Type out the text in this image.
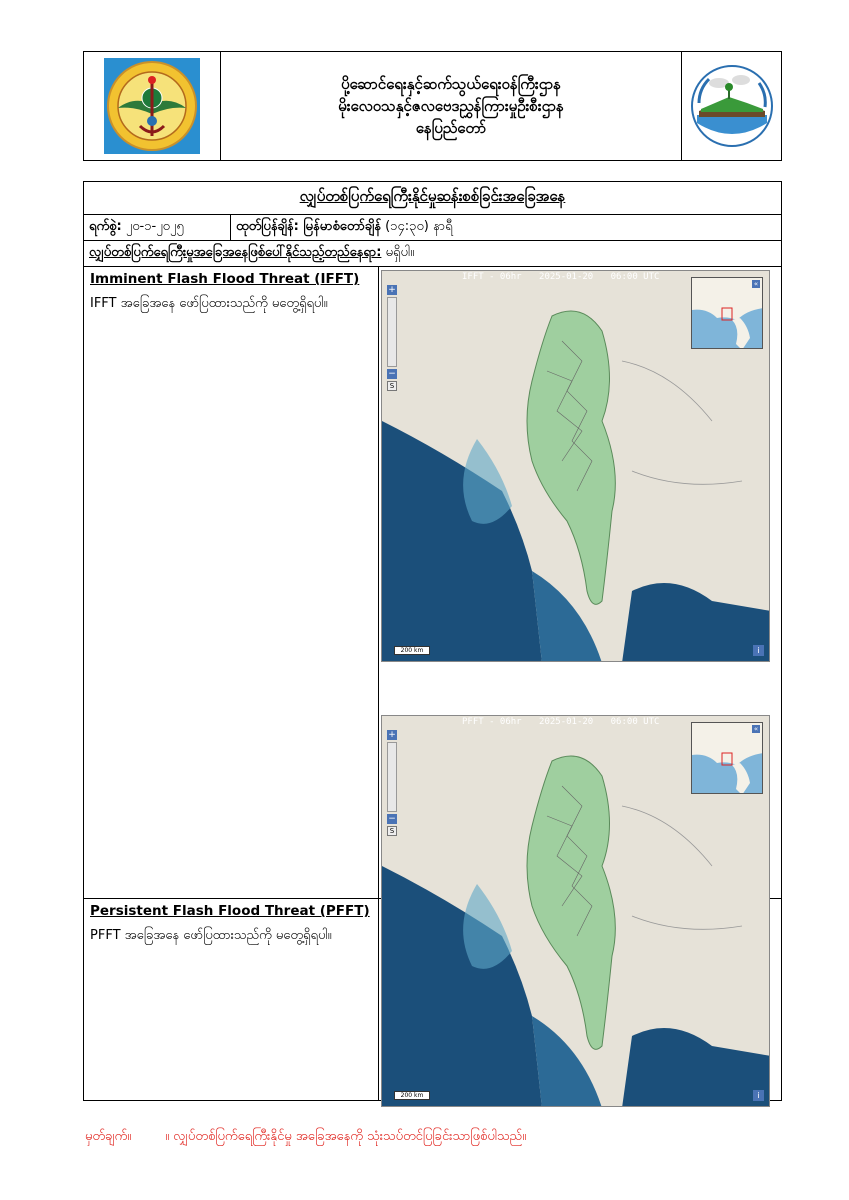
ပို့ဆောင်ရေးနှင့်ဆက်သွယ်ရေးဝန်ကြီးဌာန
မိုးလေဝသနှင့်ဇလဗေဒညွှန်ကြားမှုဦးစီးဌာန
နေပြည်တော်
လျှပ်တစ်ပြက်ရေကြီးနိုင်မှုဆန်းစစ်ခြင်းအခြေအနေ
ရက်စွဲ:
၂၀-၁-၂၀၂၅	ထုတ်ပြန်ချိန်: မြန်မာစံတော်ချိန်
(၁၄:၃၀) နာရီ
လျှပ်တစ်ပြက်ရေကြီးမှုအခြေအနေဖြစ်ပေါ်နိုင်သည့်တည်နေရာ:
မရှိပါ။
Imminent Flash Flood Threat (IFFT)
IFFT အခြေအနေ ဖော်ပြထားသည်ကို မတွေ့ရှိရပါ။
IFFT - 06hr 2025-01-20 06:00 UTC
+
−
S
«
200 km	i
Persistent Flash Flood Threat (PFFT)
PFFT အခြေအနေ ဖော်ပြထားသည်ကို မတွေ့ရှိရပါ။
PFFT - 06hr 2025-01-20 06:00 UTC
+
−
S
«
200 km	i
မှတ်ချက်။	။ လျှပ်တစ်ပြက်ရေကြီးနိုင်မှု အခြေအနေကို သုံးသပ်တင်ပြခြင်းသာဖြစ်ပါသည်။
